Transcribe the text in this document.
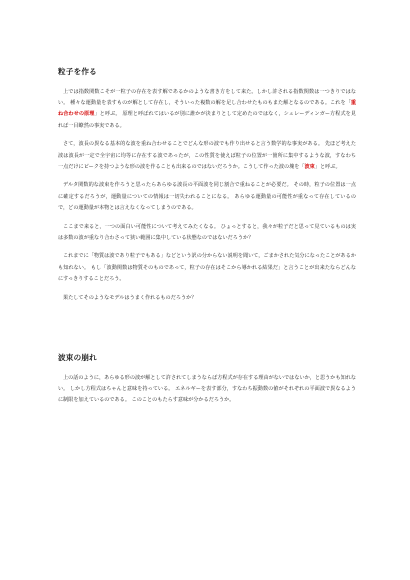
粒子を作る

上では指数関数こそが一粒子の存在を表す解であるかのような書き方をして来た。しかし許される指数関数は一つきりではない。 種々な運動量を表すものが解として存在し，そういった複数の解を足し合わせたものもまた解となるのである。これを「重ね合わせの原理」と呼ぶ。 原理と呼ばれてはいるが別に誰かが決まりとして定めたのではなく，シュレーディンガー方程式を見れば一目瞭然の事実である。

さて，波長の異なる基本的な波を重ね合わせることでどんな形の波でも作り出せると言う数学的な事実がある。 先ほど考えた波は波長が一定で全宇宙に均等に存在する波であったが，この性質を使えば粒子の位置が一箇所に集中するような波，すなわち一点だけにピークを持つような形の波を作ることも出来るのではないだろうか。こうして作った波の塊を「波束」と呼ぶ。

デルタ関数的な波束を作ろうと思ったらあらゆる波長の平面波を同じ割合で重ねることが必要だ。 その時，粒子の位置は一点に確定するだろうが，運動量についての情報は一切失われることになる。 あらゆる運動量の可能性が重なって存在しているので，どの運動量が本物とは言えなくなってしまうのである。

ここまで来ると，一つの面白い可能性について考えてみたくなる。 ひょっとすると，我々が粒子だと思って見ているものは実は多数の波が重なり合わさって狭い範囲に集中している状態なのではないだろうか？

これまでに「物質は波であり粒子でもある」などという訳の分からない説明を聞いて，ごまかされた気分になったことがあるかも知れない。 もし「波動関数は物質そのものであって，粒子の存在はそこから導かれる結果だ」と言うことが出来たならどんなにすっきりすることだろう。

果たしてそのようなモデルはうまく作れるものだろうか？

波束の崩れ

上の話のように，あらゆる形の波が解として許されてしまうならば方程式が存在する理由がないではないか，と思うかも知れない。 しかし方程式はちゃんと意味を持っている。 エネルギーを表す部分，すなわち振動数の値がそれぞれの平面波で異なるように制限を加えているのである。 このことのもたらす意味が分かるだろうか。
